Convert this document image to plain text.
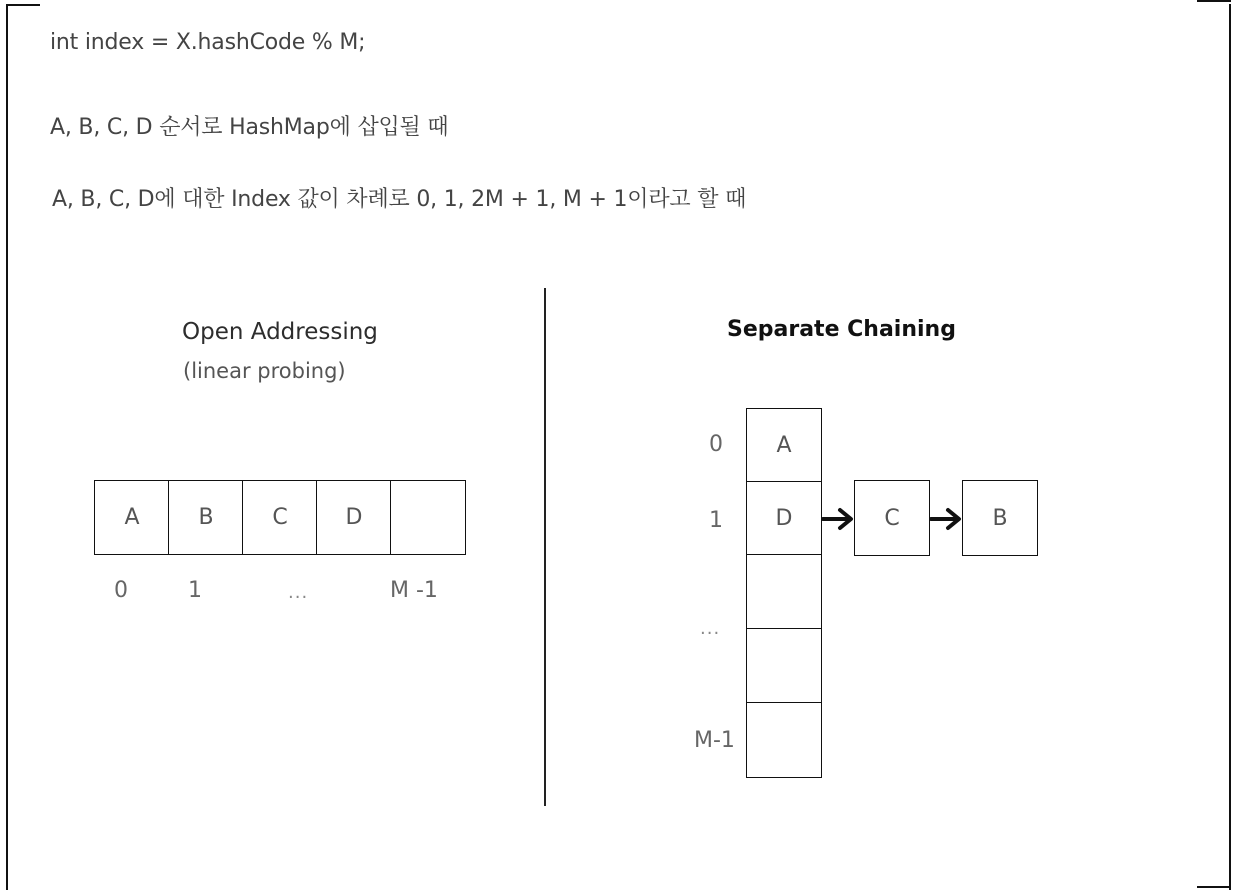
int index = X.hashCode % M;
A, B, C, D 순서로 HashMap에 삽입될 때
A, B, C, D에 대한 Index 값이 차례로 0, 1, 2M + 1, M + 1이라고 할 때
Open Addressing
(linear probing)
A	B	C	D
0	1	...	M -1
Separate Chaining
A
D
0
1
...
M-1
C	B
